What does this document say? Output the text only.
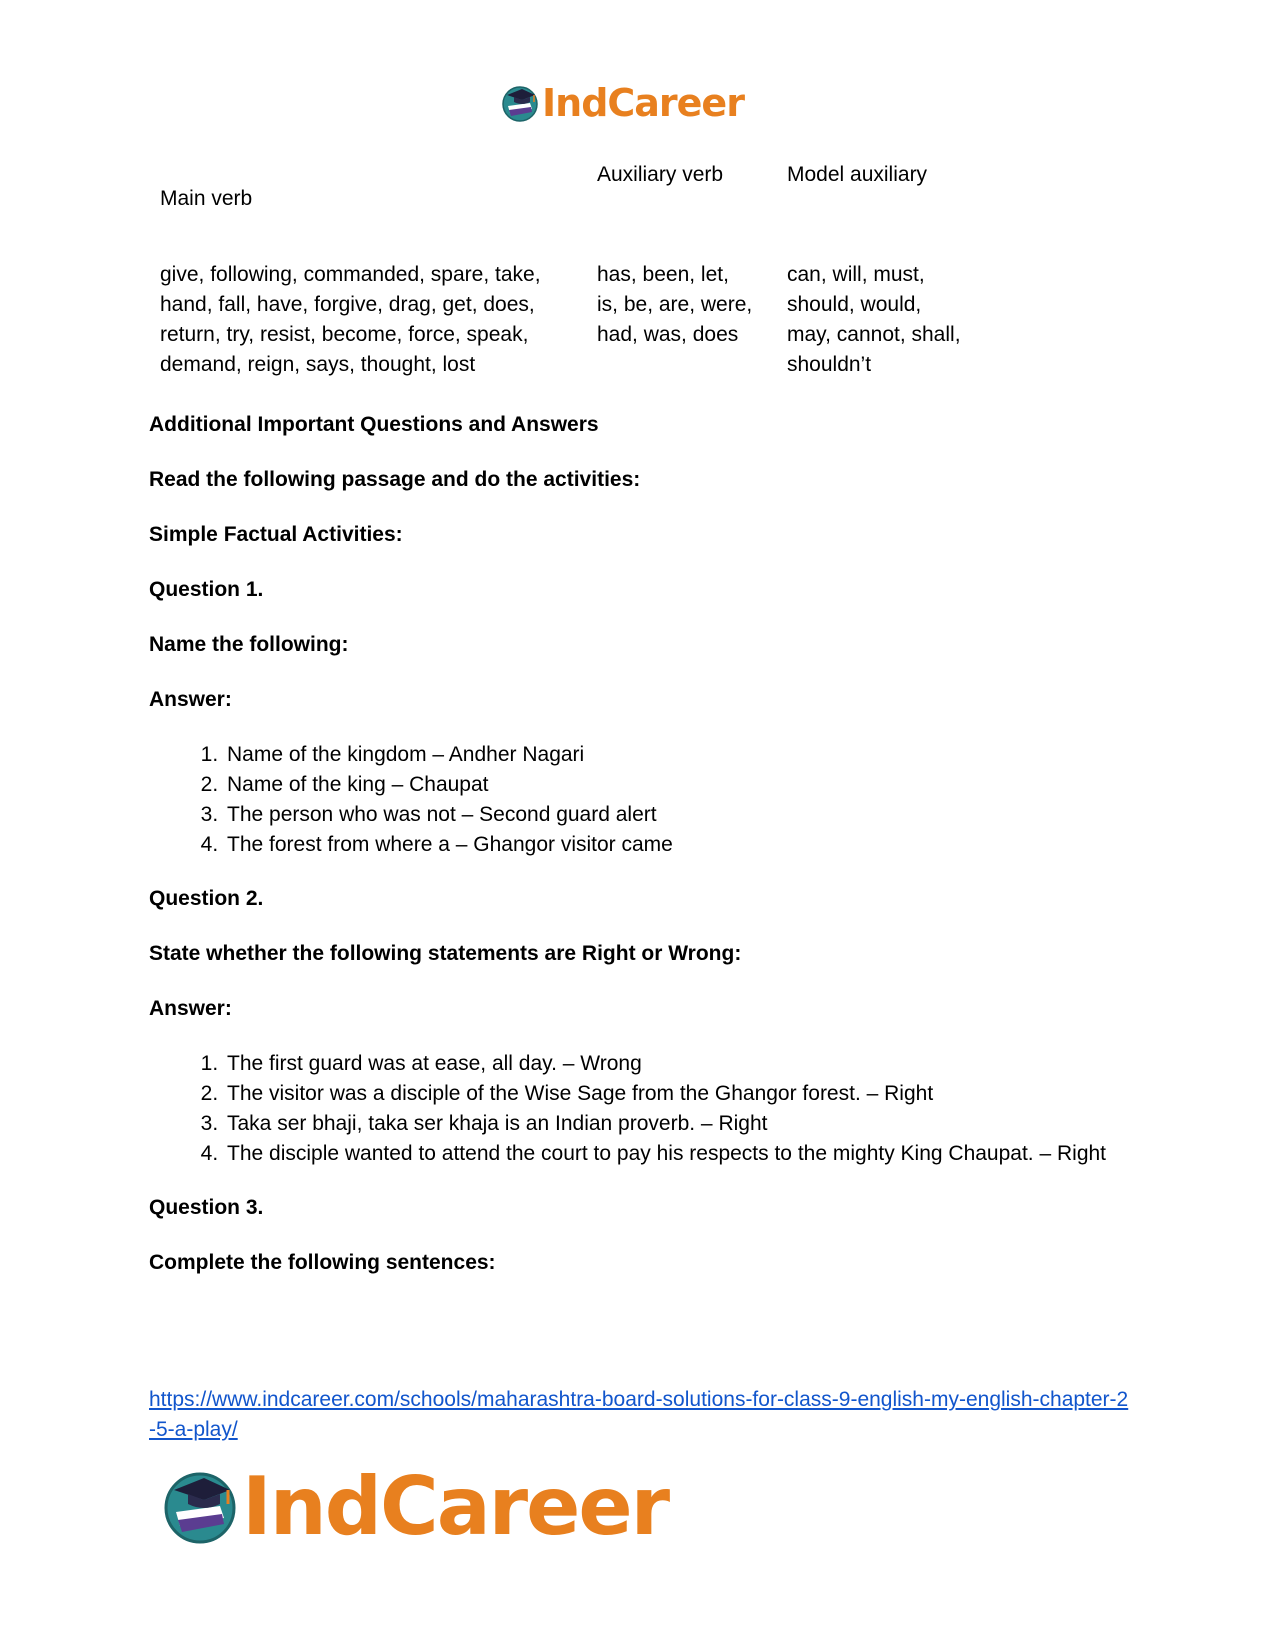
IndCareer
Main verb
Auxiliary verb	Model auxiliary
give, following, commanded, spare, take,
hand, fall, have, forgive, drag, get, does,
return, try, resist, become, force, speak,
demand, reign, says, thought, lost
has, been, let,
is, be, are, were,
had, was, does
can, will, must,
should, would,
may, cannot, shall,
shouldn’t

Additional Important Questions and Answers

Read the following passage and do the activities:

Simple Factual Activities:

Question 1.

Name the following:

Answer:

1. Name of the kingdom – Andher Nagari
2. Name of the king – Chaupat
3. The person who was not – Second guard alert
4. The forest from where a – Ghangor visitor came

Question 2.

State whether the following statements are Right or Wrong:

Answer:

1. The first guard was at ease, all day. – Wrong
2. The visitor was a disciple of the Wise Sage from the Ghangor forest. – Right
3. Taka ser bhaji, taka ser khaja is an Indian proverb. – Right
4. The disciple wanted to attend the court to pay his respects to the mighty King Chaupat. – Right

Question 3.

Complete the following sentences:

https://www.indcareer.com/schools/maharashtra-board-solutions-for-class-9-english-my-english-chapter-2-5-a-play/
IndCareer
